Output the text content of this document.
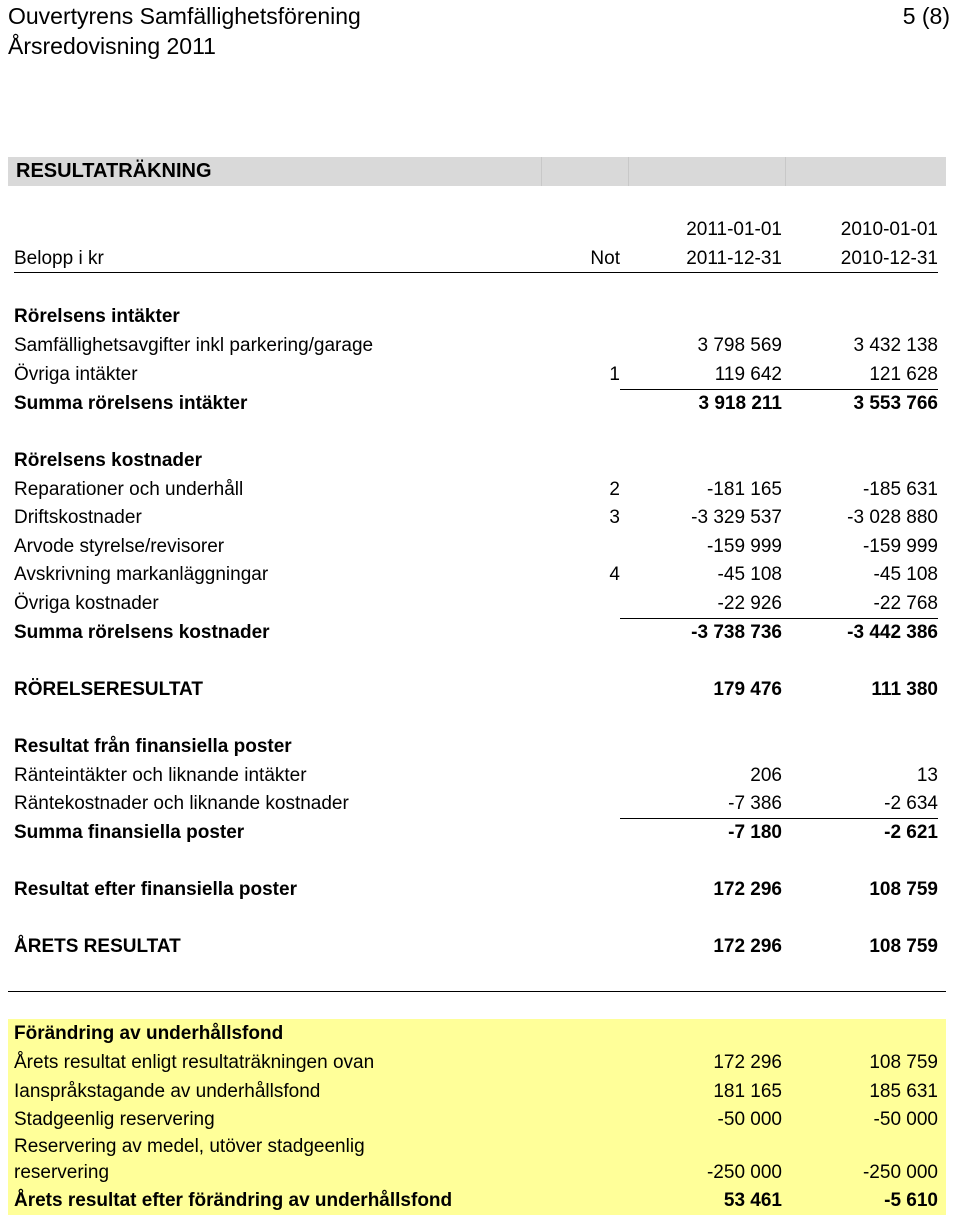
Ouvertyrens Samfällighetsförening	5 (8)
Årsredovisning 2011
RESULTATRÄKNING
2011-01-01	2010-01-01
Belopp i kr	Not	2011-12-31	2010-12-31
Rörelsens intäkter
Samfällighetsavgifter inkl parkering/garage	3 798 569	3 432 138
Övriga intäkter	1	119 642	121 628
Summa rörelsens intäkter	3 918 211	3 553 766
Rörelsens kostnader
Reparationer och underhåll	2	-181 165	-185 631
Driftskostnader	3	-3 329 537	-3 028 880
Arvode styrelse/revisorer	-159 999	-159 999
Avskrivning markanläggningar	4	-45 108	-45 108
Övriga kostnader	-22 926	-22 768
Summa rörelsens kostnader	-3 738 736	-3 442 386
RÖRELSERESULTAT	179 476	111 380
Resultat från finansiella poster
Ränteintäkter och liknande intäkter	206	13
Räntekostnader och liknande kostnader	-7 386	-2 634
Summa finansiella poster	-7 180	-2 621
Resultat efter finansiella poster	172 296	108 759
ÅRETS RESULTAT	172 296	108 759
Förändring av underhållsfond
Årets resultat enligt resultaträkningen ovan	172 296	108 759
Ianspråkstagande av underhållsfond	181 165	185 631
Stadgeenlig reservering	-50 000	-50 000
Reservering av medel, utöver stadgeenlig
reservering	-250 000	-250 000
Årets resultat efter förändring av underhållsfond	53 461	-5 610
